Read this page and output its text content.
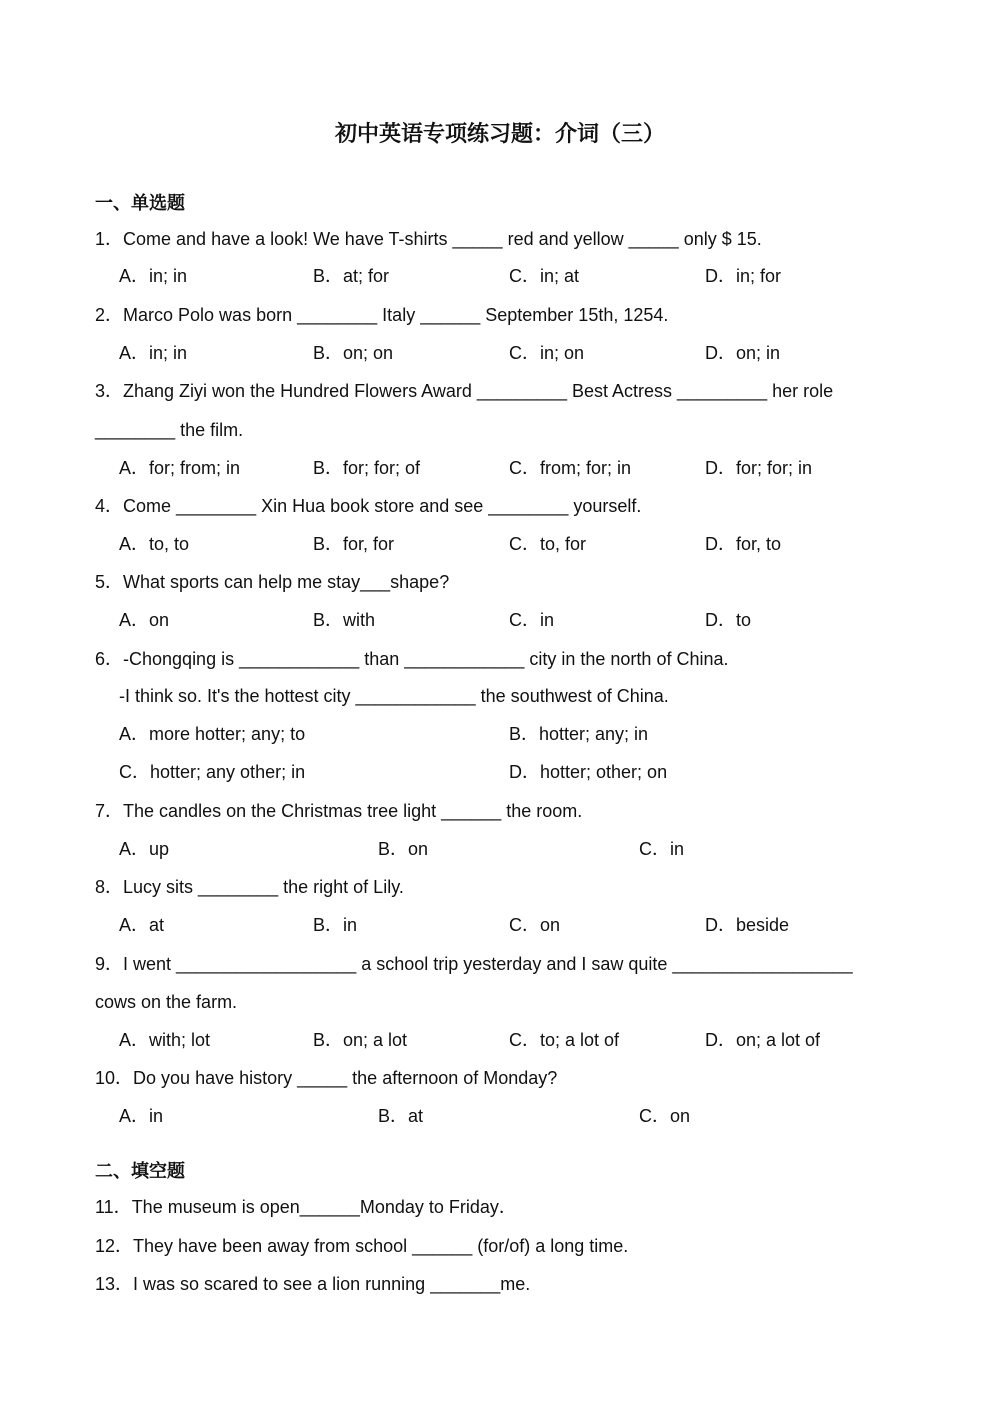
初中英语专项练习题：介词（三）
一、单选题
1．Come and have a look! We have T-shirts _____ red and yellow _____ only $ 15.
A．in; in	B．at; for	C．in; at	D．in; for
2．Marco Polo was born ________ Italy ______ September 15th, 1254.
A．in; in	B．on; on	C．in; on	D．on; in
3．Zhang Ziyi won the Hundred Flowers Award _________ Best Actress _________ her role
________ the film.
A．for; from; in	B．for; for; of	C．from; for; in	D．for; for; in
4．Come ________ Xin Hua book store and see ________ yourself.
A．to, to	B．for, for	C．to, for	D．for, to
5．What sports can help me stay___shape?
A．on	B．with	C．in	D．to
6．-Chongqing is ____________ than ____________ city in the north of China.
-I think so. It's the hottest city ____________ the southwest of China.
A．more hotter; any; to	B．hotter; any; in
C．hotter; any other; in	D．hotter; other; on
7．The candles on the Christmas tree light ______ the room.
A．up	B．on	C．in
8．Lucy sits ________ the right of Lily.
A．at	B．in	C．on	D．beside
9．I went __________________ a school trip yesterday and I saw quite __________________
cows on the farm.
A．with; lot	B．on; a lot	C．to; a lot of	D．on; a lot of
10．Do you have history _____ the afternoon of Monday?
A．in	B．at	C．on
二、填空题
11．The museum is open______Monday to Friday．
12．They have been away from school ______ (for/of) a long time.
13．I was so scared to see a lion running _______me.
